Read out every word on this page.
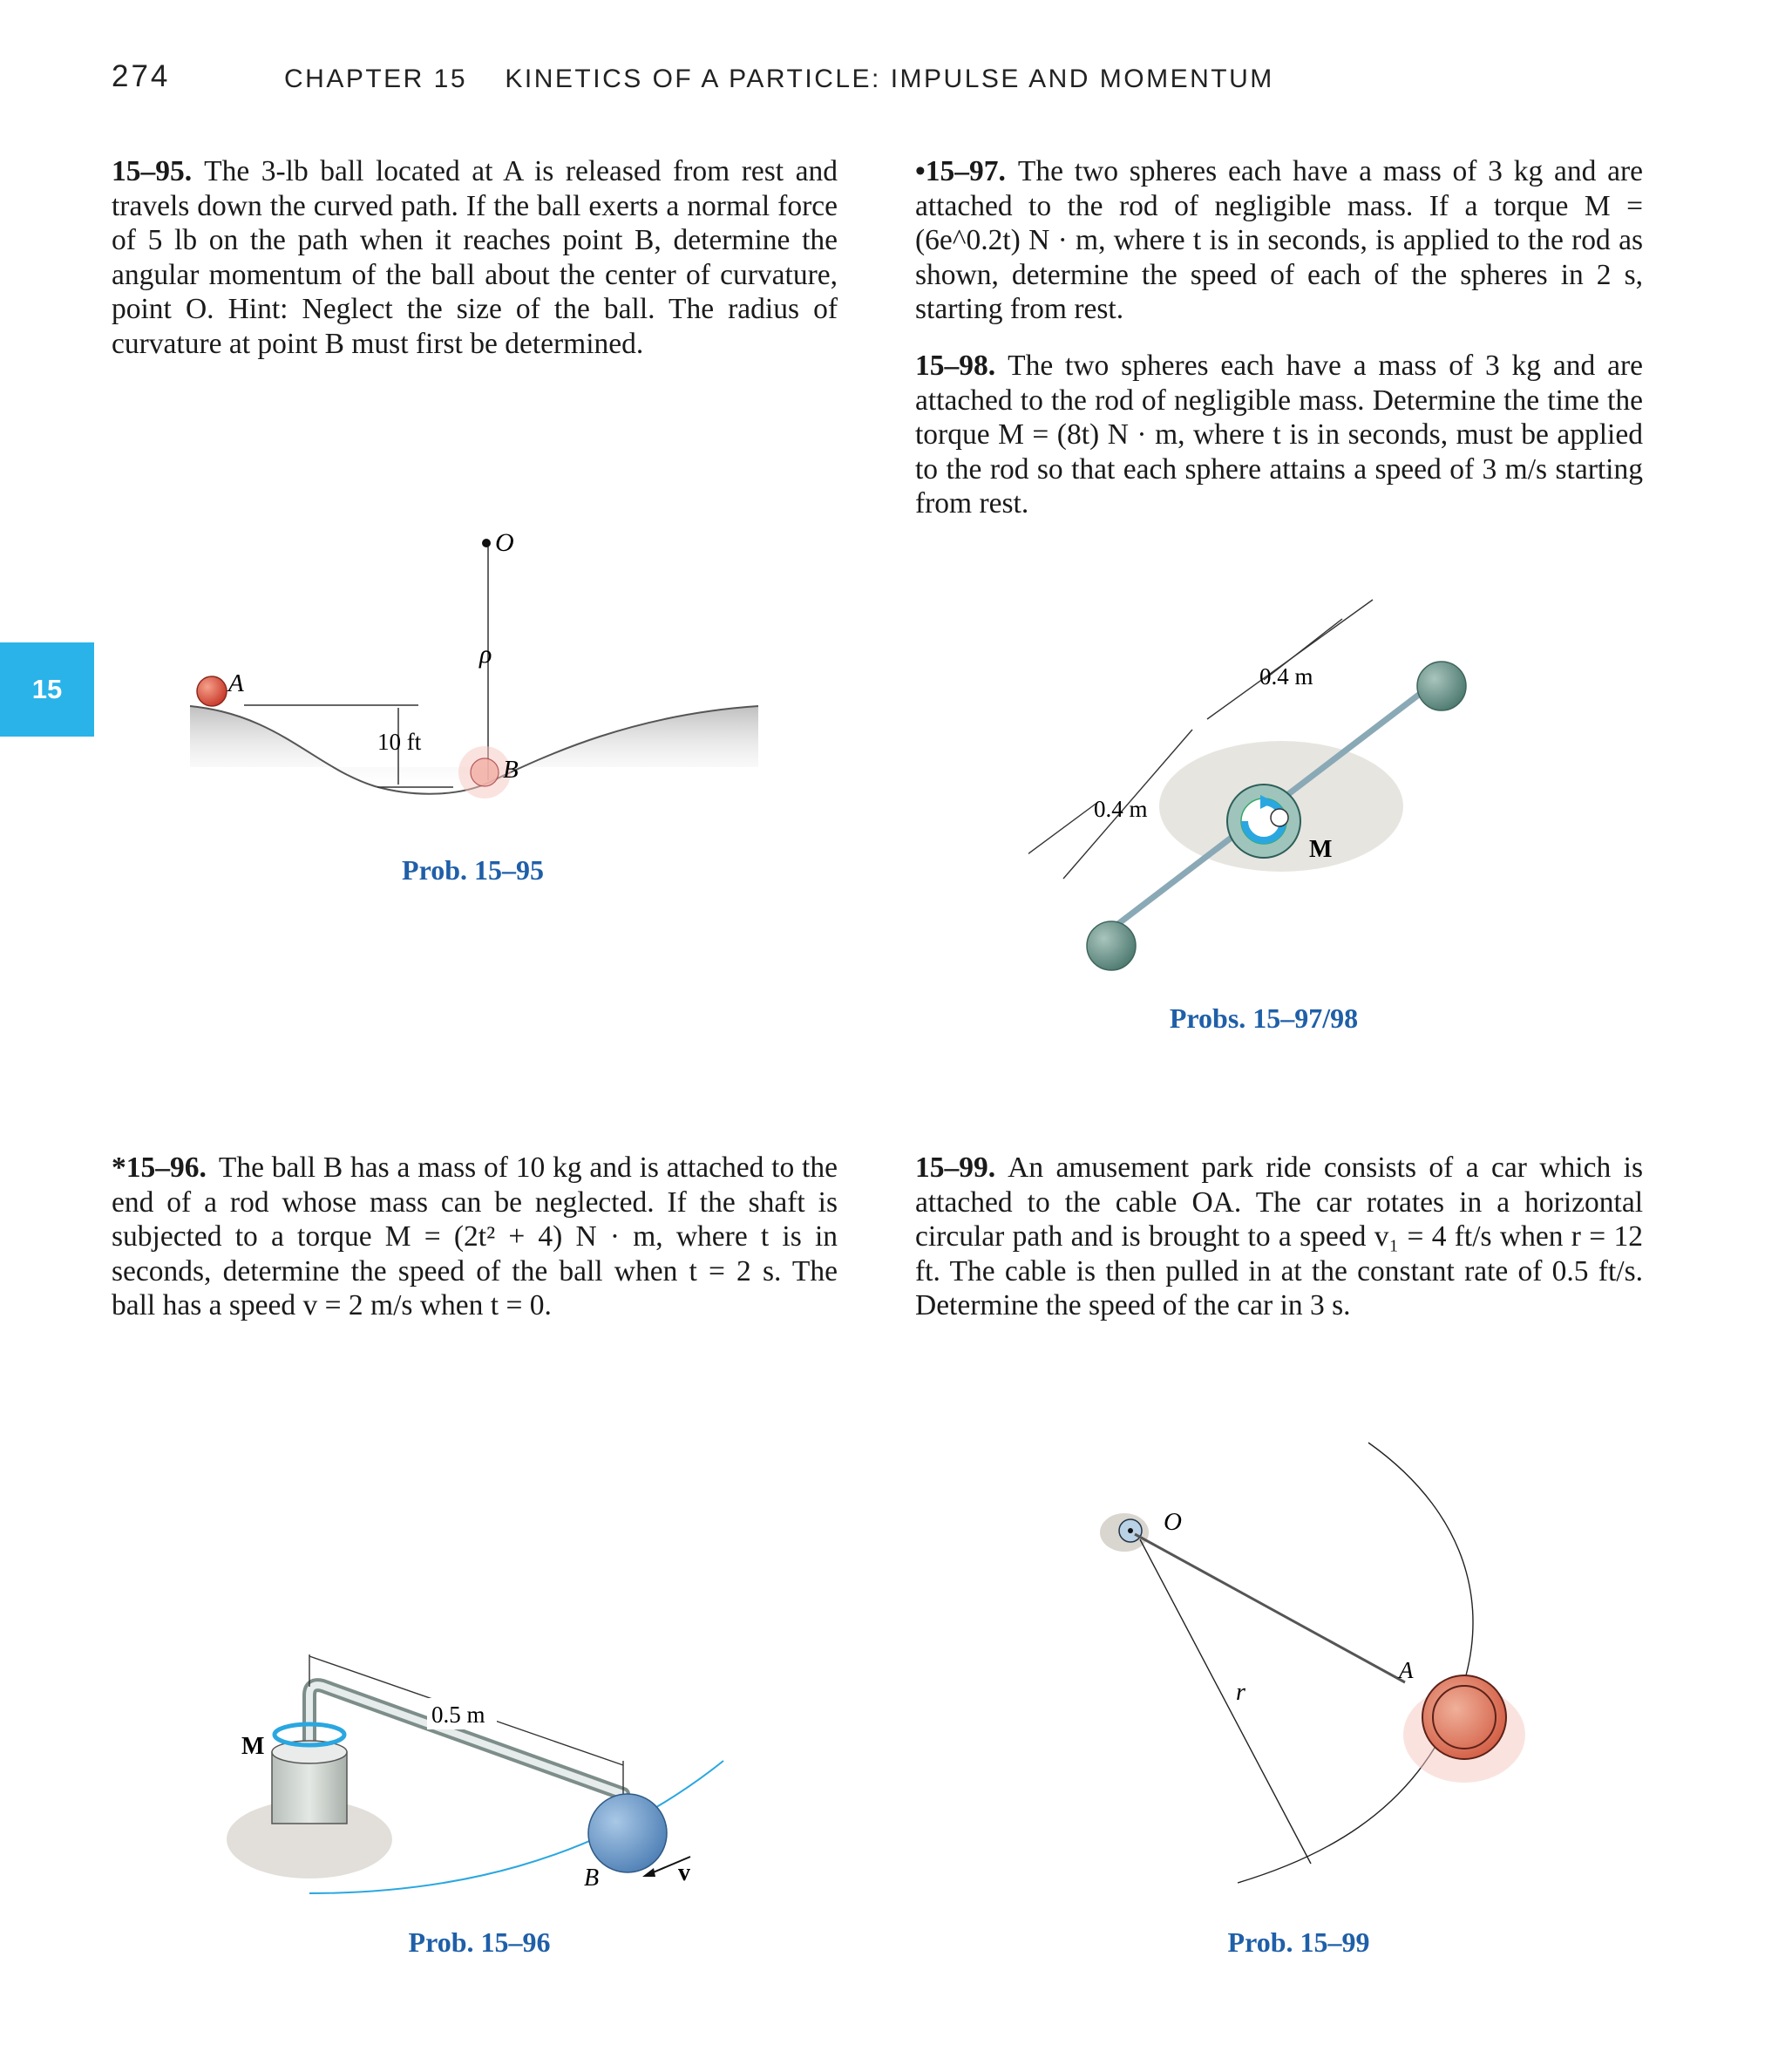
274	CHAPTER 15    KINETICS OF A PARTICLE: IMPULSE AND MOMENTUM
15
15–95. The 3-lb ball located at A is released from rest and travels down the curved path. If the ball exerts a normal force of 5 lb on the path when it reaches point B, determine the angular momentum of the ball about the center of curvature, point O. Hint: Neglect the size of the ball. The radius of curvature at point B must first be determined.
•15–97. The two spheres each have a mass of 3 kg and are attached to the rod of negligible mass. If a torque M = (6e^0.2t) N · m, where t is in seconds, is applied to the rod as shown, determine the speed of each of the spheres in 2 s, starting from rest.
15–98. The two spheres each have a mass of 3 kg and are attached to the rod of negligible mass. Determine the time the torque M = (8t) N · m, where t is in seconds, must be applied to the rod so that each sphere attains a speed of 3 m/s starting from rest.
*15–96. The ball B has a mass of 10 kg and is attached to the end of a rod whose mass can be neglected. If the shaft is subjected to a torque M = (2t² + 4) N · m, where t is in seconds, determine the speed of the ball when t = 2 s. The ball has a speed v = 2 m/s when t = 0.
15–99. An amusement park ride consists of a car which is attached to the cable OA. The car rotates in a horizontal circular path and is brought to a speed v₁ = 4 ft/s when r = 12 ft. The cable is then pulled in at the constant rate of 0.5 ft/s. Determine the speed of the car in 3 s.
O
ρ
A
10 ft
B
Prob. 15–95
0.4 m
0.4 m
M
Probs. 15–97/98
M
0.5 m
B	v
Prob. 15–96
O
r
A
Prob. 15–99
